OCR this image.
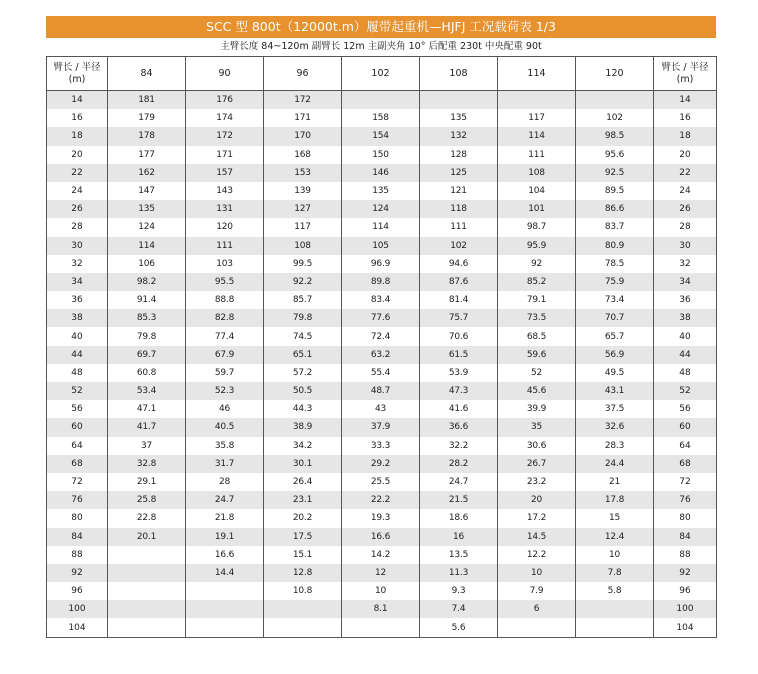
SCC 型 800t（12000t.m）履带起重机—HJFJ 工况载荷表 1/3
主臂长度 84~120m 副臂长 12m 主副夹角 10° 后配重 230t 中央配重 90t
臂长 / 半径
(m)	84	90	96	102	108	114	120	臂长 / 半径
(m)
14	181	176	172					14
16	179	174	171	158	135	117	102	16
18	178	172	170	154	132	114	98.5	18
20	177	171	168	150	128	111	95.6	20
22	162	157	153	146	125	108	92.5	22
24	147	143	139	135	121	104	89.5	24
26	135	131	127	124	118	101	86.6	26
28	124	120	117	114	111	98.7	83.7	28
30	114	111	108	105	102	95.9	80.9	30
32	106	103	99.5	96.9	94.6	92	78.5	32
34	98.2	95.5	92.2	89.8	87.6	85.2	75.9	34
36	91.4	88.8	85.7	83.4	81.4	79.1	73.4	36
38	85.3	82.8	79.8	77.6	75.7	73.5	70.7	38
40	79.8	77.4	74.5	72.4	70.6	68.5	65.7	40
44	69.7	67.9	65.1	63.2	61.5	59.6	56.9	44
48	60.8	59.7	57.2	55.4	53.9	52	49.5	48
52	53.4	52.3	50.5	48.7	47.3	45.6	43.1	52
56	47.1	46	44.3	43	41.6	39.9	37.5	56
60	41.7	40.5	38.9	37.9	36.6	35	32.6	60
64	37	35.8	34.2	33.3	32.2	30.6	28.3	64
68	32.8	31.7	30.1	29.2	28.2	26.7	24.4	68
72	29.1	28	26.4	25.5	24.7	23.2	21	72
76	25.8	24.7	23.1	22.2	21.5	20	17.8	76
80	22.8	21.8	20.2	19.3	18.6	17.2	15	80
84	20.1	19.1	17.5	16.6	16	14.5	12.4	84
88		16.6	15.1	14.2	13.5	12.2	10	88
92		14.4	12.8	12	11.3	10	7.8	92
96			10.8	10	9.3	7.9	5.8	96
100				8.1	7.4	6		100
104					5.6			104
